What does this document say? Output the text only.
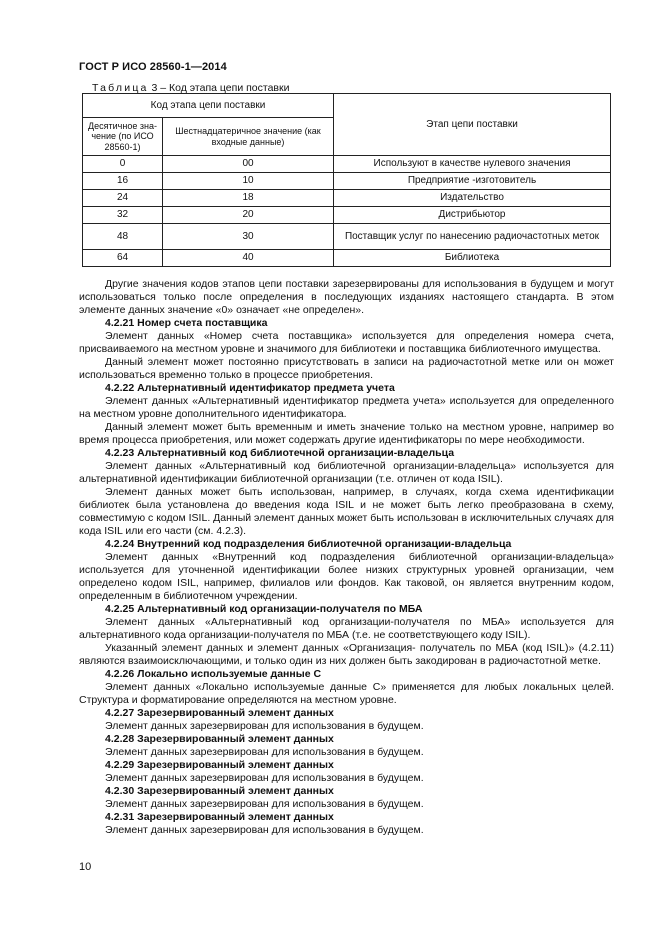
ГОСТ Р ИСО 28560-1—2014
Таблица 3 – Код этапа цепи поставки
Код этапа цепи поставки		Этап цепи поставки
Десятичное зна-чение (по ИСО 28560-1)	Шестнадцатеричное значение (как входные данные)	
0	00	Используют в качестве нулевого значения
16	10	Предприятие -изготовитель
24	18	Издательство
32	20	Дистрибьютор
48	30	Поставщик услуг по нанесению радиочастотных меток
64	40	Библиотека

Другие значения кодов этапов цепи поставки зарезервированы для использования в будущем и могут использоваться только после определения в последующих изданиях настоящего стандарта. В этом элементе данных значение «0» означает «не определен».

4.2.21 Номер счета поставщика

Элемент данных «Номер счета поставщика» используется для определения номера счета, присваиваемого на местном уровне и значимого для библиотеки и поставщика библиотечного имущества.

Данный элемент может постоянно присутствовать в записи на радиочастотной метке или он может использоваться временно только в процессе приобретения.

4.2.22 Альтернативный идентификатор предмета учета

Элемент данных «Альтернативный идентификатор предмета учета» используется для определенного на местном уровне дополнительного идентификатора.

Данный элемент может быть временным и иметь значение только на местном уровне, например во время процесса приобретения, или может содержать другие идентификаторы по мере необходимости.

4.2.23 Альтернативный код библиотечной организации-владельца

Элемент данных «Альтернативный код библиотечной организации-владельца» используется для альтернативной идентификации библиотечной организации (т.е. отличен от кода ISIL).

Элемент данных может быть использован, например, в случаях, когда схема идентификации библиотек была установлена до введения кода ISIL и не может быть легко преобразована в схему, совместимую с кодом ISIL. Данный элемент данных может быть использован в исключительных случаях для кода ISIL или его части (см. 4.2.3).

4.2.24 Внутренний код подразделения библиотечной организации-владельца

Элемент данных «Внутренний код подразделения библиотечной организации-владельца» используется для уточненной идентификации более низких структурных уровней организации, чем определено кодом ISIL, например, филиалов или фондов. Как таковой, он является внутренним кодом, определенным в библиотечном учреждении.

4.2.25 Альтернативный код организации-получателя по МБА

Элемент данных «Альтернативный код организации-получателя по МБА» используется для альтернативного кода организации-получателя по МБА (т.е. не соответствующего коду ISIL).

Указанный элемент данных и элемент данных «Организация- получатель по МБА (код ISIL)» (4.2.11) являются взаимоисключающими, и только один из них должен быть закодирован в радиочастотной метке.

4.2.26 Локально используемые данные С

Элемент данных «Локально используемые данные С» применяется для любых локальных целей. Структура и форматирование определяются на местном уровне.

4.2.27 Зарезервированный элемент данных

Элемент данных зарезервирован для использования в будущем.

4.2.28 Зарезервированный элемент данных

Элемент данных зарезервирован для использования в будущем.

4.2.29 Зарезервированный элемент данных

Элемент данных зарезервирован для использования в будущем.

4.2.30 Зарезервированный элемент данных

Элемент данных зарезервирован для использования в будущем.

4.2.31 Зарезервированный элемент данных

Элемент данных зарезервирован для использования в будущем.

10
